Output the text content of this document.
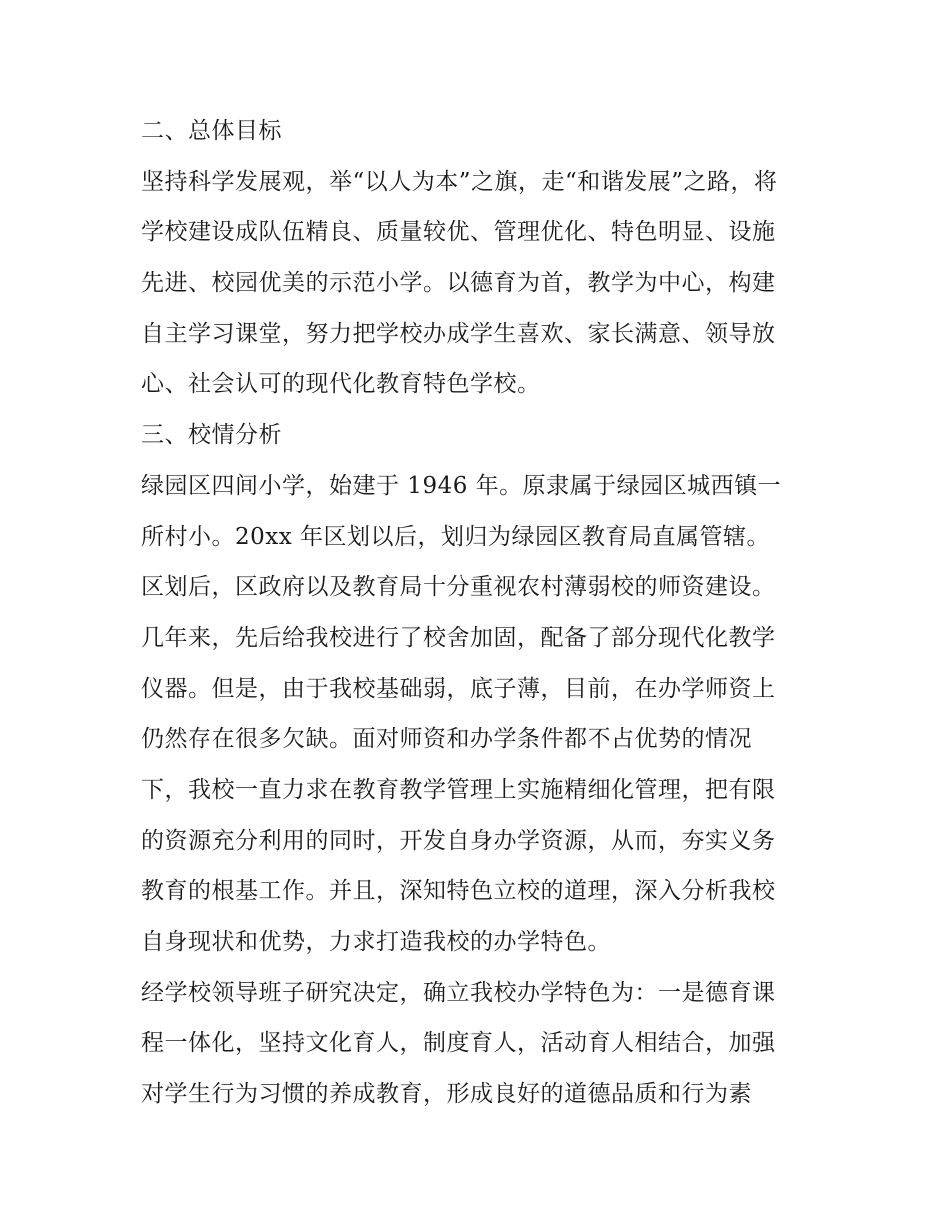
二、总体目标
坚持科学发展观，举“以人为本”之旗，走“和谐发展”之路，将
学校建设成队伍精良、质量较优、管理优化、特色明显、设施
先进、校园优美的示范小学。以德育为首，教学为中心，构建
自主学习课堂，努力把学校办成学生喜欢、家长满意、领导放
心、社会认可的现代化教育特色学校。
三、校情分析
绿园区四间小学，始建于 1946 年。原隶属于绿园区城西镇一
所村小。20xx 年区划以后，划归为绿园区教育局直属管辖。
区划后，区政府以及教育局十分重视农村薄弱校的师资建设。
几年来，先后给我校进行了校舍加固，配备了部分现代化教学
仪器。但是，由于我校基础弱，底子薄，目前，在办学师资上
仍然存在很多欠缺。面对师资和办学条件都不占优势的情况
下，我校一直力求在教育教学管理上实施精细化管理，把有限
的资源充分利用的同时，开发自身办学资源，从而，夯实义务
教育的根基工作。并且，深知特色立校的道理，深入分析我校
自身现状和优势，力求打造我校的办学特色。
经学校领导班子研究决定，确立我校办学特色为：一是德育课
程一体化，坚持文化育人，制度育人，活动育人相结合，加强
对学生行为习惯的养成教育，形成良好的道德品质和行为素
